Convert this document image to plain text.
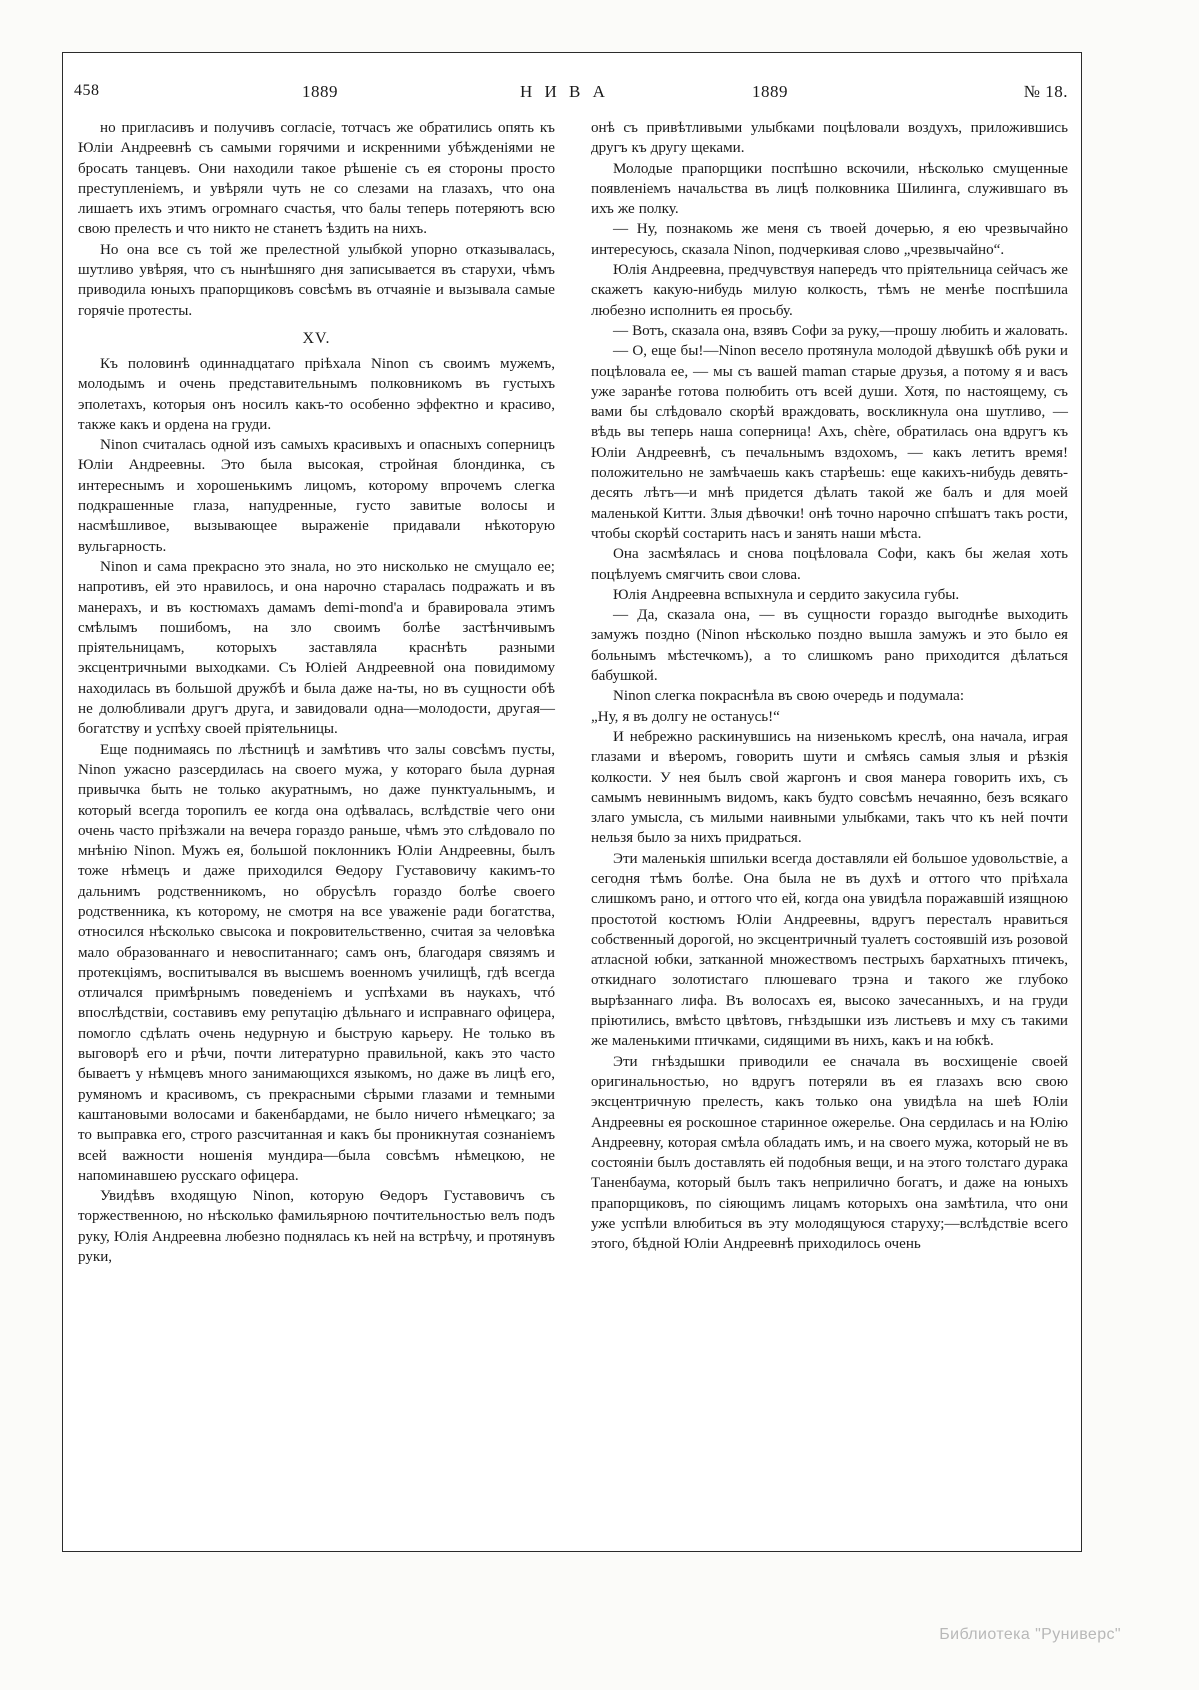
458	1889	Н И В А	1889	№ 18.

но пригласивъ и получивъ согласіе, тотчасъ же обратились опять къ Юліи Андреевнѣ съ самыми горячими и искренними убѣжденіями не бросать танцевъ. Они находили такое рѣшеніе съ ея стороны просто преступленіемъ, и увѣряли чуть не со слезами на глазахъ, что она лишаетъ ихъ этимъ огромнаго счастья, что балы теперь потеряютъ всю свою прелесть и что никто не станетъ ѣздить на нихъ.

Но она все съ той же прелестной улыбкой упорно отказывалась, шутливо увѣряя, что съ нынѣшняго дня записывается въ старухи, чѣмъ приводила юныхъ прапорщиковъ совсѣмъ въ отчаяніе и вызывала самые горячіе протесты.

XV.

Къ половинѣ одиннадцатаго пріѣхала Ninon съ своимъ мужемъ, молодымъ и очень представительнымъ полковникомъ въ густыхъ эполетахъ, которыя онъ носилъ какъ-то особенно эффектно и красиво, также какъ и ордена на груди.

Ninon считалась одной изъ самыхъ красивыхъ и опасныхъ соперницъ Юліи Андреевны. Это была высокая, стройная блондинка, съ интереснымъ и хорошенькимъ лицомъ, которому впрочемъ слегка подкрашенные глаза, напудренные, густо завитые волосы и насмѣшливое, вызывающее выраженіе придавали нѣкоторую вульгарность.

Ninon и сама прекрасно это знала, но это нисколько не смущало ее; напротивъ, ей это нравилось, и она нарочно старалась подражать и въ манерахъ, и въ костюмахъ дамамъ demi-mond'a и бравировала этимъ смѣлымъ пошибомъ, на зло своимъ болѣе застѣнчивымъ пріятельницамъ, которыхъ заставляла краснѣть разными эксцентричными выходками. Съ Юліей Андреевной она повидимому находилась въ большой дружбѣ и была даже на-ты, но въ сущности обѣ не долюбливали другъ друга, и завидовали одна—молодости, другая—богатству и успѣху своей пріятельницы.

Еще поднимаясь по лѣстницѣ и замѣтивъ что залы совсѣмъ пусты, Ninon ужасно разсердилась на своего мужа, у котораго была дурная привычка быть не только акуратнымъ, но даже пунктуальнымъ, и который всегда торопилъ ее когда она одѣвалась, вслѣдствіе чего они очень часто пріѣзжали на вечера гораздо раньше, чѣмъ это слѣдовало по мнѣнію Ninon. Мужъ ея, большой поклонникъ Юліи Андреевны, былъ тоже нѣмецъ и даже приходился Ѳедору Густавовичу какимъ-то дальнимъ родственникомъ, но обрусѣлъ гораздо болѣе своего родственника, къ которому, не смотря на все уваженіе ради богатства, относился нѣсколько свысока и покровительственно, считая за человѣка мало образованнаго и невоспитаннаго; самъ онъ, благодаря связямъ и протекціямъ, воспитывался въ высшемъ военномъ училищѣ, гдѣ всегда отличался примѣрнымъ поведеніемъ и успѣхами въ наукахъ, чтó впослѣдствіи, составивъ ему репутацію дѣльнаго и исправнаго офицера, помогло сдѣлать очень недурную и быструю карьеру. Не только въ выговорѣ его и рѣчи, почти литературно правильной, какъ это часто бываетъ у нѣмцевъ много занимающихся языкомъ, но даже въ лицѣ его, румяномъ и красивомъ, съ прекрасными сѣрыми глазами и темными каштановыми волосами и бакенбардами, не было ничего нѣмецкаго; за то выправка его, строго разсчитанная и какъ бы проникнутая сознаніемъ всей важности ношенія мундира—была совсѣмъ нѣмецкою, не напоминавшею русскаго офицера.

Увидѣвъ входящую Ninon, которую Ѳедоръ Густавовичъ съ торжественною, но нѣсколько фамильярною почтительностью велъ подъ руку, Юлія Андреевна любезно поднялась къ ней на встрѣчу, и протянувъ руки,

онѣ съ привѣтливыми улыбками поцѣловали воздухъ, приложившись другъ къ другу щеками.

Молодые прапорщики поспѣшно вскочили, нѣсколько смущенные появленіемъ начальства въ лицѣ полковника Шилинга, служившаго въ ихъ же полку.

— Ну, познакомь же меня съ твоей дочерью, я ею чрезвычайно интересуюсь, сказала Ninon, подчеркивая слово „чрезвычайно“.

Юлія Андреевна, предчувствуя напередъ что пріятельница сейчасъ же скажетъ какую-нибудь милую колкость, тѣмъ не менѣе поспѣшила любезно исполнить ея просьбу.

— Вотъ, сказала она, взявъ Софи за руку,—прошу любить и жаловать.

— О, еще бы!—Ninon весело протянула молодой дѣвушкѣ обѣ руки и поцѣловала ее, — мы съ вашей maman старые друзья, а потому я и васъ уже заранѣе готова полюбить отъ всей души. Хотя, по настоящему, съ вами бы слѣдовало скорѣй враждовать, воскликнула она шутливо, — вѣдь вы теперь наша соперница! Ахъ, chère, обратилась она вдругъ къ Юліи Андреевнѣ, съ печальнымъ вздохомъ, — какъ летитъ время! положительно не замѣчаешь какъ старѣешь: еще какихъ-нибудь девять-десять лѣтъ—и мнѣ придется дѣлать такой же балъ и для моей маленькой Китти. Злыя дѣвочки! онѣ точно нарочно спѣшатъ такъ рости, чтобы скорѣй состарить насъ и занять наши мѣста.

Она засмѣялась и снова поцѣловала Софи, какъ бы желая хоть поцѣлуемъ смягчить свои слова.

Юлія Андреевна вспыхнула и сердито закусила губы.

— Да, сказала она, — въ сущности гораздо выгоднѣе выходить замужъ поздно (Ninon нѣсколько поздно вышла замужъ и это было ея больнымъ мѣстечкомъ), а то слишкомъ рано приходится дѣлаться бабушкой.

Ninon слегка покраснѣла въ свою очередь и подумала:

„Ну, я въ долгу не останусь!“

И небрежно раскинувшись на низенькомъ креслѣ, она начала, играя глазами и вѣеромъ, говорить шути и смѣясь самыя злыя и рѣзкія колкости. У нея былъ свой жаргонъ и своя манера говорить ихъ, съ самымъ невиннымъ видомъ, какъ будто совсѣмъ нечаянно, безъ всякаго злаго умысла, съ милыми наивными улыбками, такъ что къ ней почти нельзя было за нихъ придраться.

Эти маленькія шпильки всегда доставляли ей большое удовольствіе, а сегодня тѣмъ болѣе. Она была не въ духѣ и оттого что пріѣхала слишкомъ рано, и оттого что ей, когда она увидѣла поражавшій изящною простотой костюмъ Юліи Андреевны, вдругъ пересталъ нравиться собственный дорогой, но эксцентричный туалетъ состоявшій изъ розовой атласной юбки, затканной множествомъ пестрыхъ бархатныхъ птичекъ, откиднаго золотистаго плюшеваго трэна и такого же глубоко вырѣзаннаго лифа. Въ волосахъ ея, высоко зачесанныхъ, и на груди пріютились, вмѣсто цвѣтовъ, гнѣздышки изъ листьевъ и мху съ такими же маленькими птичками, сидящими въ нихъ, какъ и на юбкѣ.

Эти гнѣздышки приводили ее сначала въ восхищеніе своей оригинальностью, но вдругъ потеряли въ ея глазахъ всю свою эксцентричную прелесть, какъ только она увидѣла на шеѣ Юліи Андреевны ея роскошное старинное ожерелье. Она сердилась и на Юлію Андреевну, которая смѣла обладать имъ, и на своего мужа, который не въ состояніи былъ доставлять ей подобныя вещи, и на этого толстаго дурака Таненбаума, который былъ такъ неприлично богатъ, и даже на юныхъ прапорщиковъ, по сіяющимъ лицамъ которыхъ она замѣтила, что они уже успѣли влюбиться въ эту молодящуюся старуху;—вслѣдствіе всего этого, бѣдной Юліи Андреевнѣ приходилось очень

Библиотека "Руниверс"
